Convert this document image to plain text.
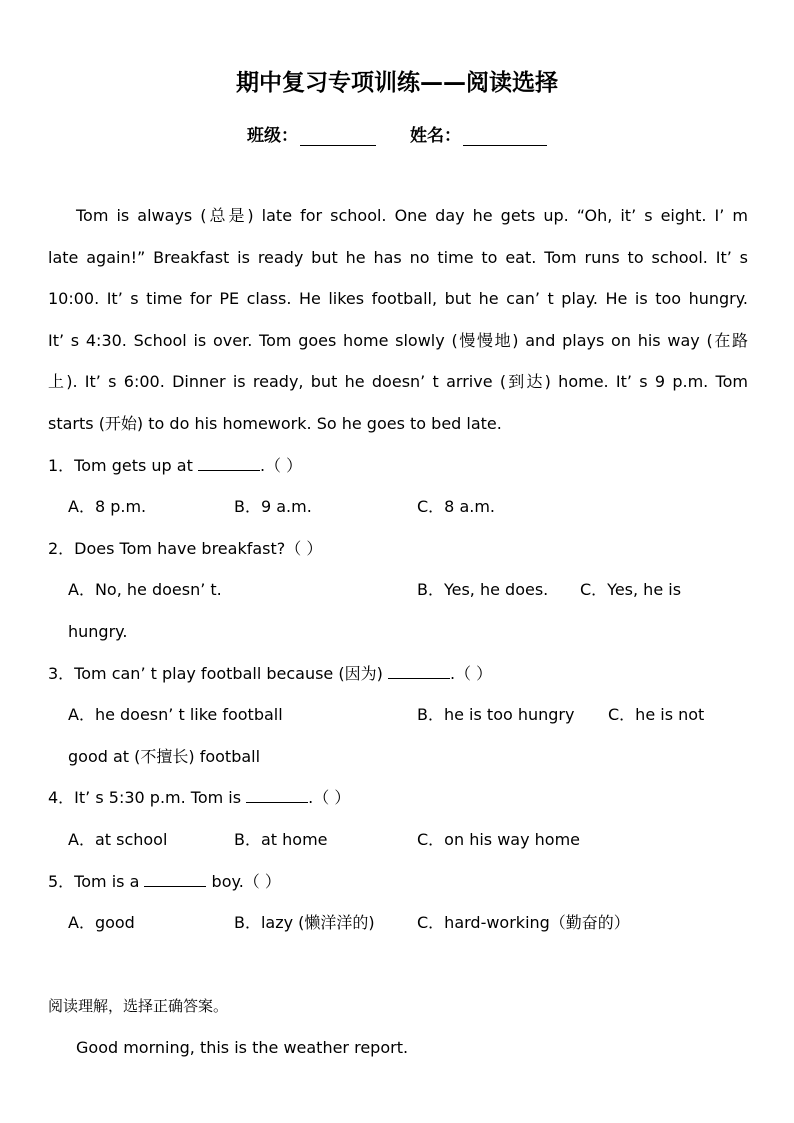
期中复习专项训练——阅读选择
班级：	姓名：
Tom is always (总是) late for school. One day he gets up. “Oh, it’ s eight. I’ m
late again!” Breakfast is ready but he has no time to eat. Tom runs to school. It’ s
10:00. It’ s time for PE class. He likes football, but he can’ t play. He is too hungry.
It’ s 4:30. School is over. Tom goes home slowly (慢慢地) and plays on his way (在路
上). It’ s 6:00. Dinner is ready, but he doesn’ t arrive (到达) home. It’ s 9 p.m. Tom
starts (开始) to do his homework. So he goes to bed late.
1．Tom gets up at	.（ ）
A．8 p.m.	B．9 a.m.	C．8 a.m.
2．Does Tom have breakfast?（ ）
A．No, he doesn’ t.	B．Yes, he does. C．Yes, he is
hungry.
3．Tom can’ t play football because (因为)	.（ ）
A．he doesn’ t like football	B．he is too hungry C．he is not
good at (不擅长) football
4．It’ s 5:30 p.m. Tom is	.（ ）
A．at school	B．at home	C．on his way home
5．Tom is a	boy.（ ）
A．good	B．lazy (懒洋洋的)	C．hard-working（勤奋的）
阅读理解，选择正确答案。
Good morning, this is the weather report.
